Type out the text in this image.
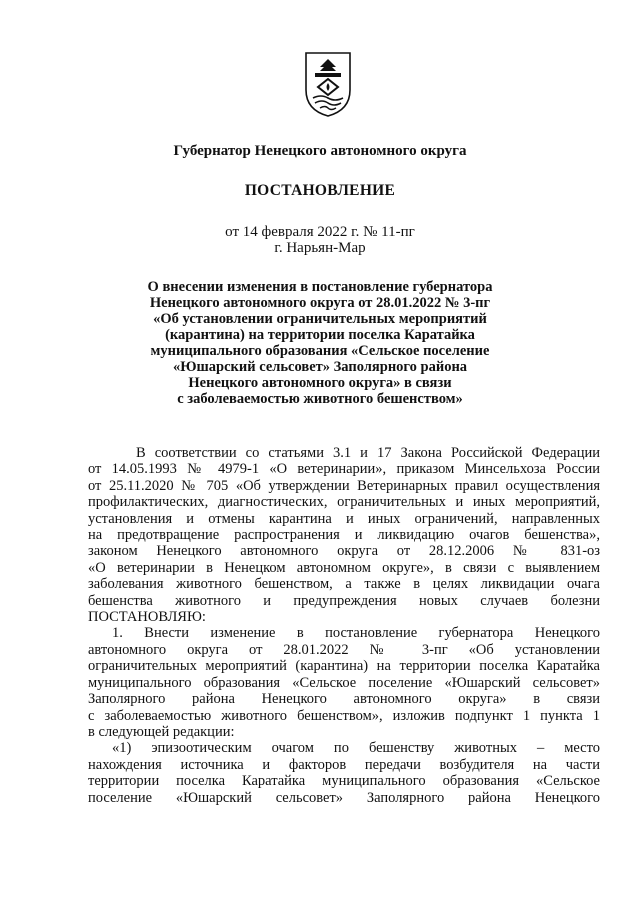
Губернатор Ненецкого автономного округа
ПОСТАНОВЛЕНИЕ
от 14 февраля 2022 г. № 11-пг
г. Нарьян-Мар
О внесении изменения в постановление губернатора
Ненецкого автономного округа от 28.01.2022 № 3-пг
«Об установлении ограничительных мероприятий
(карантина) на территории поселка Каратайка
муниципального образования «Сельское поселение
«Юшарский сельсовет» Заполярного района
Ненецкого автономного округа» в связи
с заболеваемостью животного бешенством»
В соответствии со статьями 3.1 и 17 Закона Российской Федерации
от 14.05.1993 № 4979-1 «О ветеринарии», приказом Минсельхоза России
от 25.11.2020 № 705 «Об утверждении Ветеринарных правил осуществления
профилактических, диагностических, ограничительных и иных мероприятий,
установления и отмены карантина и иных ограничений, направленных
на предотвращение распространения и ликвидацию очагов бешенства»,
законом Ненецкого автономного округа от 28.12.2006 № 831-оз
«О ветеринарии в Ненецком автономном округе», в связи с выявлением
заболевания животного бешенством, а также в целях ликвидации очага
бешенства животного и предупреждения новых случаев болезни
ПОСТАНОВЛЯЮ:
1. Внести изменение в постановление губернатора Ненецкого
автономного округа от 28.01.2022 № 3-пг «Об установлении
ограничительных мероприятий (карантина) на территории поселка Каратайка
муниципального образования «Сельское поселение «Юшарский сельсовет»
Заполярного района Ненецкого автономного округа» в связи
с заболеваемостью животного бешенством», изложив подпункт 1 пункта 1
в следующей редакции:
«1) эпизоотическим очагом по бешенству животных – место
нахождения источника и факторов передачи возбудителя на части
территории поселка Каратайка муниципального образования «Сельское
поселение «Юшарский сельсовет» Заполярного района Ненецкого
